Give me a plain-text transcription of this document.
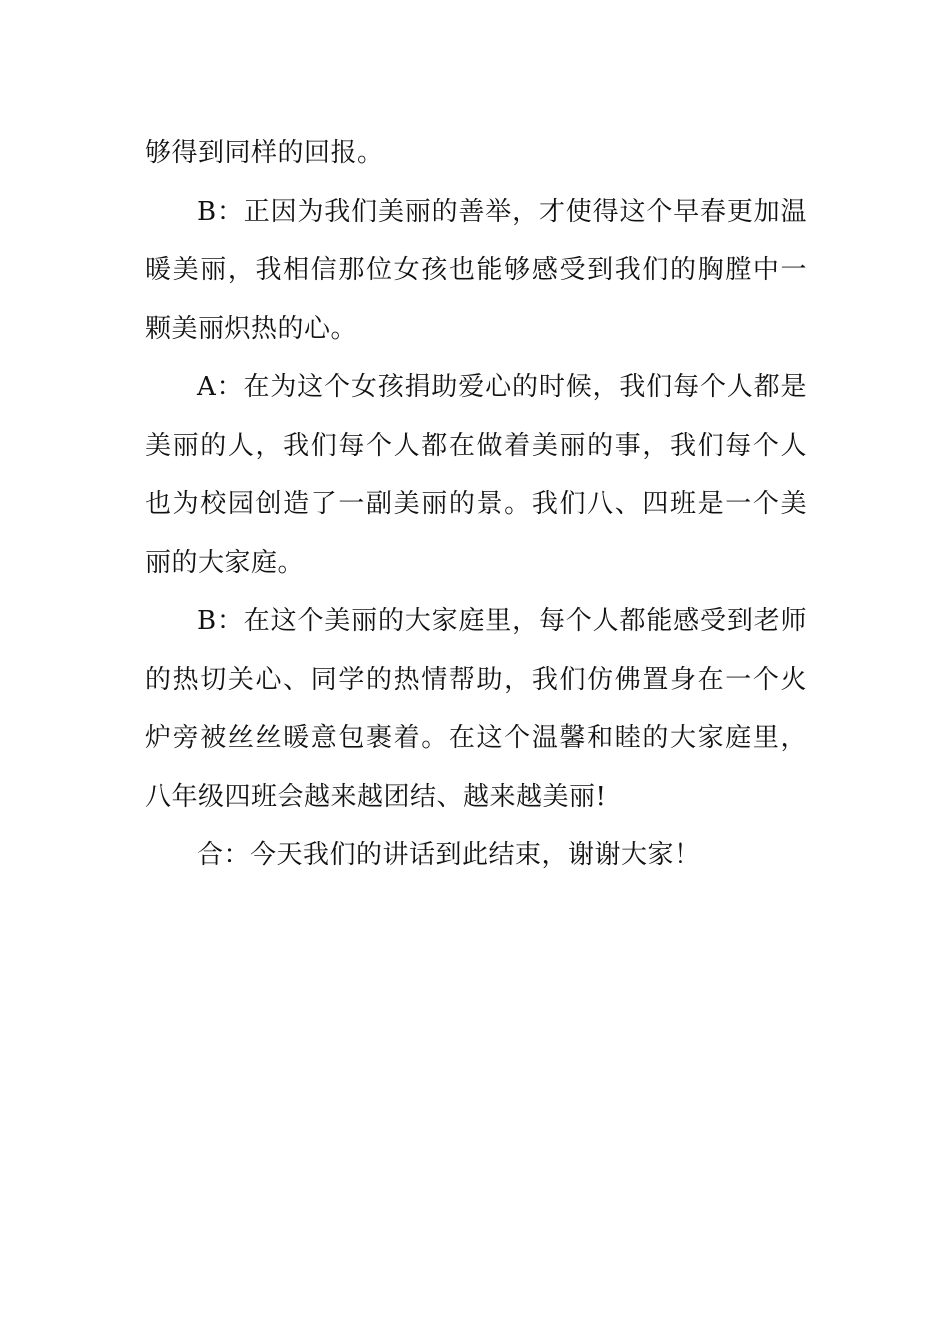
够得到同样的回报。

B：正因为我们美丽的善举，才使得这个早春更加温暖美丽，我相信那位女孩也能够感受到我们的胸膛中一颗美丽炽热的心。

A：在为这个女孩捐助爱心的时候，我们每个人都是美丽的人，我们每个人都在做着美丽的事，我们每个人也为校园创造了一副美丽的景。我们八、四班是一个美丽的大家庭。

B：在这个美丽的大家庭里，每个人都能感受到老师的热切关心、同学的热情帮助，我们仿佛置身在一个火炉旁被丝丝暖意包裹着。在这个温馨和睦的大家庭里，八年级四班会越来越团结、越来越美丽!

合：今天我们的讲话到此结束，谢谢大家！
